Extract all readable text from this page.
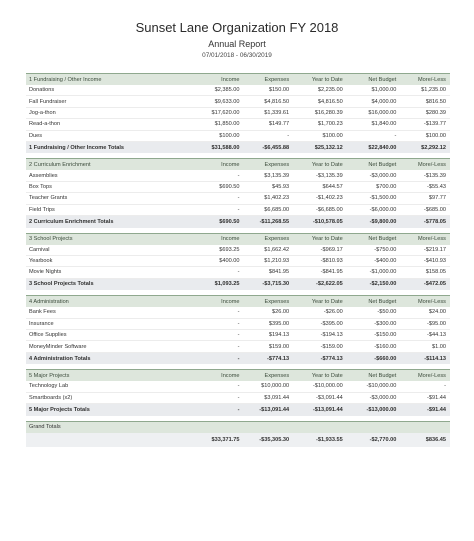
Sunset Lane Organization FY 2018
Annual Report
07/01/2018 - 06/30/2019
1 Fundraising / Other Income	Income	Expenses	Year to Date	Net Budget	More/-Less
Donations	$2,385.00	$150.00	$2,235.00	$1,000.00	$1,235.00
Fall Fundraiser	$9,633.00	$4,816.50	$4,816.50	$4,000.00	$816.50
Jog-a-thon	$17,620.00	$1,339.61	$16,280.39	$16,000.00	$280.39
Read-a-thon	$1,850.00	$149.77	$1,700.23	$1,840.00	-$139.77
Dues	$100.00	-	$100.00	-	$100.00
1 Fundraising / Other Income Totals	$31,588.00	-$6,455.88	$25,132.12	$22,840.00	$2,292.12
2 Curriculum Enrichment	Income	Expenses	Year to Date	Net Budget	More/-Less
Assemblies	-	$3,135.39	-$3,135.39	-$3,000.00	-$135.39
Box Tops	$690.50	$45.93	$644.57	$700.00	-$55.43
Teacher Grants	-	$1,402.23	-$1,402.23	-$1,500.00	$97.77
Field Trips	-	$6,685.00	-$6,685.00	-$6,000.00	-$685.00
2 Curriculum Enrichment Totals	$690.50	-$11,268.55	-$10,578.05	-$9,800.00	-$778.05
3 School Projects	Income	Expenses	Year to Date	Net Budget	More/-Less
Carnival	$693.25	$1,662.42	-$969.17	-$750.00	-$219.17
Yearbook	$400.00	$1,210.93	-$810.93	-$400.00	-$410.93
Movie Nights	-	$841.95	-$841.95	-$1,000.00	$158.05
3 School Projects Totals	$1,093.25	-$3,715.30	-$2,622.05	-$2,150.00	-$472.05
4 Administration	Income	Expenses	Year to Date	Net Budget	More/-Less
Bank Fees	-	$26.00	-$26.00	-$50.00	$24.00
Insurance	-	$395.00	-$395.00	-$300.00	-$95.00
Office Supplies	-	$194.13	-$194.13	-$150.00	-$44.13
MoneyMinder Software	-	$159.00	-$159.00	-$160.00	$1.00
4 Administration Totals	-	-$774.13	-$774.13	-$660.00	-$114.13
5 Major Projects	Income	Expenses	Year to Date	Net Budget	More/-Less
Technology Lab	-	$10,000.00	-$10,000.00	-$10,000.00	-
Smartboards (x2)	-	$3,091.44	-$3,091.44	-$3,000.00	-$91.44
5 Major Projects Totals	-	-$13,091.44	-$13,091.44	-$13,000.00	-$91.44
Grand Totals
$33,371.75	-$35,305.30	-$1,933.55	-$2,770.00	$836.45
